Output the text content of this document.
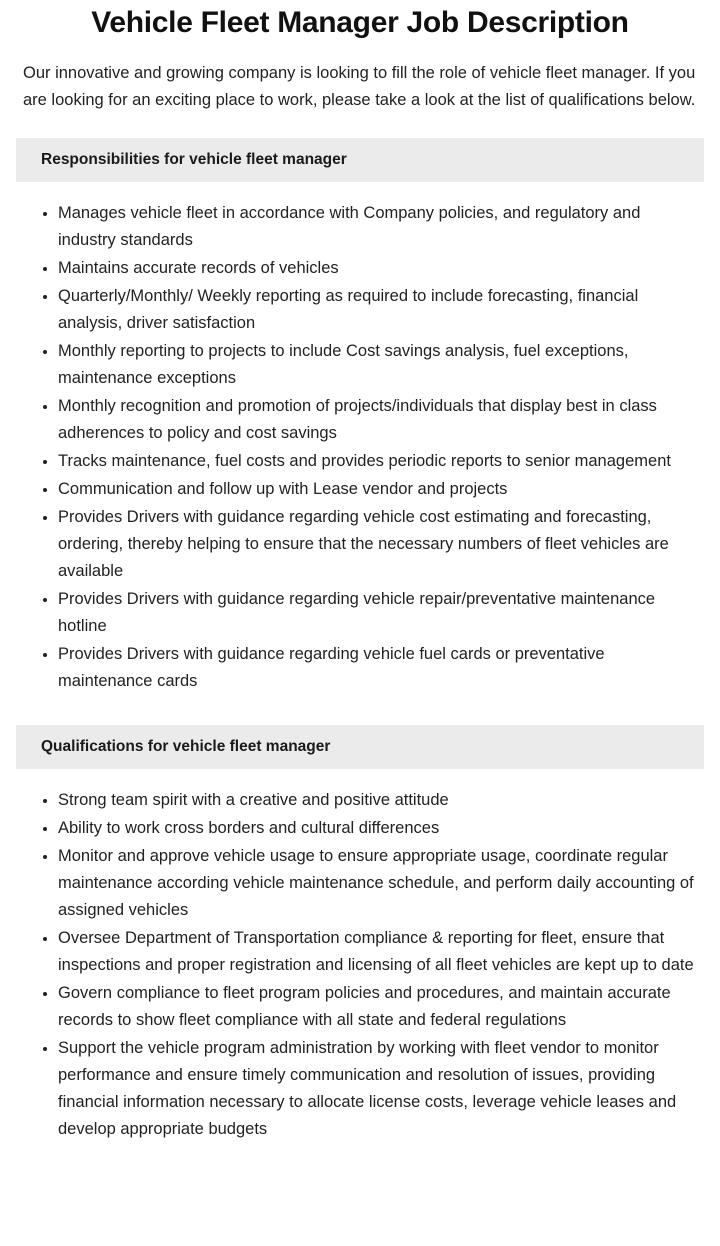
Vehicle Fleet Manager Job Description

Our innovative and growing company is looking to fill the role of vehicle fleet manager. If you are looking for an exciting place to work, please take a look at the list of qualifications below.

Responsibilities for vehicle fleet manager
Manages vehicle fleet in accordance with Company policies, and regulatory and industry standards
Maintains accurate records of vehicles
Quarterly/Monthly/ Weekly reporting as required to include forecasting, financial analysis, driver satisfaction
Monthly reporting to projects to include Cost savings analysis, fuel exceptions, maintenance exceptions
Monthly recognition and promotion of projects/individuals that display best in class adherences to policy and cost savings
Tracks maintenance, fuel costs and provides periodic reports to senior management
Communication and follow up with Lease vendor and projects
Provides Drivers with guidance regarding vehicle cost estimating and forecasting, ordering, thereby helping to ensure that the necessary numbers of fleet vehicles are available
Provides Drivers with guidance regarding vehicle repair/preventative maintenance hotline
Provides Drivers with guidance regarding vehicle fuel cards or preventative maintenance cards
Qualifications for vehicle fleet manager
Strong team spirit with a creative and positive attitude
Ability to work cross borders and cultural differences
Monitor and approve vehicle usage to ensure appropriate usage, coordinate regular maintenance according vehicle maintenance schedule, and perform daily accounting of assigned vehicles
Oversee Department of Transportation compliance & reporting for fleet, ensure that inspections and proper registration and licensing of all fleet vehicles are kept up to date
Govern compliance to fleet program policies and procedures, and maintain accurate records to show fleet compliance with all state and federal regulations
Support the vehicle program administration by working with fleet vendor to monitor performance and ensure timely communication and resolution of issues, providing financial information necessary to allocate license costs, leverage vehicle leases and develop appropriate budgets
